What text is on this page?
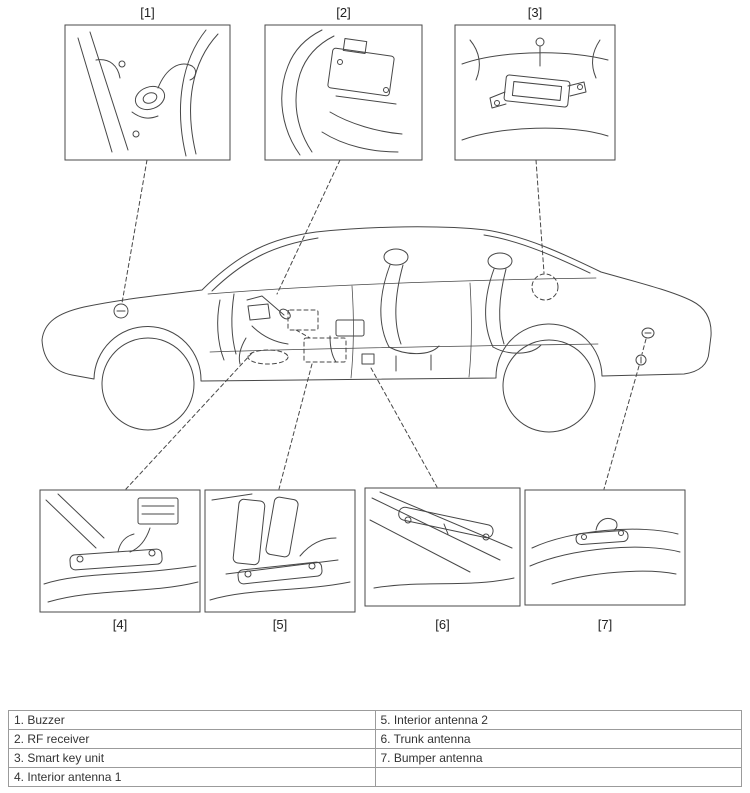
[1]	[2]	[3]
[4]	[5]	[6]	[7]
1. Buzzer	5. Interior antenna 2
2. RF receiver	6. Trunk antenna
3. Smart key unit	7. Bumper antenna
4. Interior antenna 1	
